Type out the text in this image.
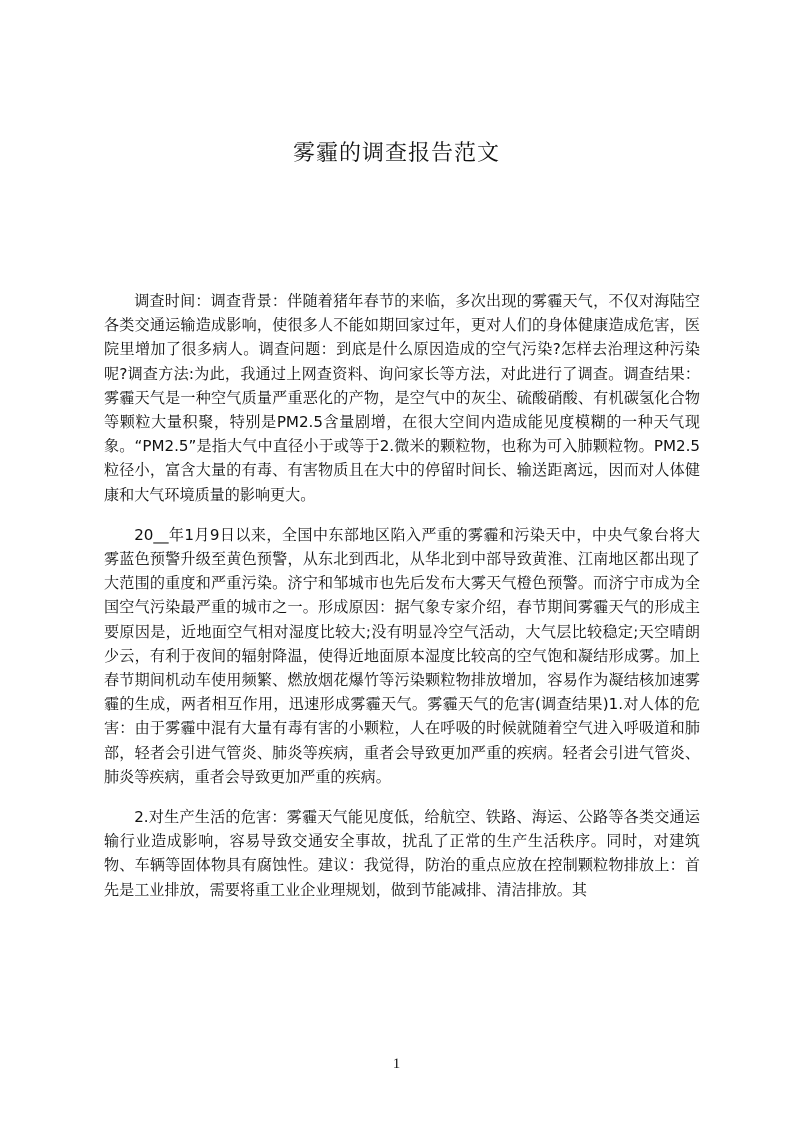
雾霾的调查报告范文

调查时间：调查背景：伴随着猪年春节的来临，多次出现的雾霾天气，不仅对海陆空各类交通运输造成影响，使很多人不能如期回家过年，更对人们的身体健康造成危害，医院里增加了很多病人。调查问题：到底是什么原因造成的空气污染?怎样去治理这种污染呢?调查方法:为此，我通过上网查资料、询问家长等方法，对此进行了调查。调查结果：雾霾天气是一种空气质量严重恶化的产物，是空气中的灰尘、硫酸硝酸、有机碳氢化合物等颗粒大量积聚，特别是PM2.5含量剧增，在很大空间内造成能见度模糊的一种天气现象。“PM2.5”是指大气中直径小于或等于2.微米的颗粒物，也称为可入肺颗粒物。PM2.5粒径小，富含大量的有毒、有害物质且在大中的停留时间长、输送距离远，因而对人体健康和大气环境质量的影响更大。

20__年1月9日以来，全国中东部地区陷入严重的雾霾和污染天中，中央气象台将大雾蓝色预警升级至黄色预警，从东北到西北，从华北到中部导致黄淮、江南地区都出现了大范围的重度和严重污染。济宁和邹城市也先后发布大雾天气橙色预警。而济宁市成为全国空气污染最严重的城市之一。形成原因：据气象专家介绍，春节期间雾霾天气的形成主要原因是，近地面空气相对湿度比较大;没有明显冷空气活动，大气层比较稳定;天空晴朗少云，有利于夜间的辐射降温，使得近地面原本湿度比较高的空气饱和凝结形成雾。加上春节期间机动车使用频繁、燃放烟花爆竹等污染颗粒物排放增加，容易作为凝结核加速雾霾的生成，两者相互作用，迅速形成雾霾天气。雾霾天气的危害(调查结果)1.对人体的危害：由于雾霾中混有大量有毒有害的小颗粒，人在呼吸的时候就随着空气进入呼吸道和肺部，轻者会引进气管炎、肺炎等疾病，重者会导致更加严重的疾病。轻者会引进气管炎、肺炎等疾病，重者会导致更加严重的疾病。

2.对生产生活的危害：雾霾天气能见度低，给航空、铁路、海运、公路等各类交通运输行业造成影响，容易导致交通安全事故，扰乱了正常的生产生活秩序。同时，对建筑物、车辆等固体物具有腐蚀性。建议：我觉得，防治的重点应放在控制颗粒物排放上：首先是工业排放，需要将重工业企业理规划，做到节能减排、清洁排放。其

1
